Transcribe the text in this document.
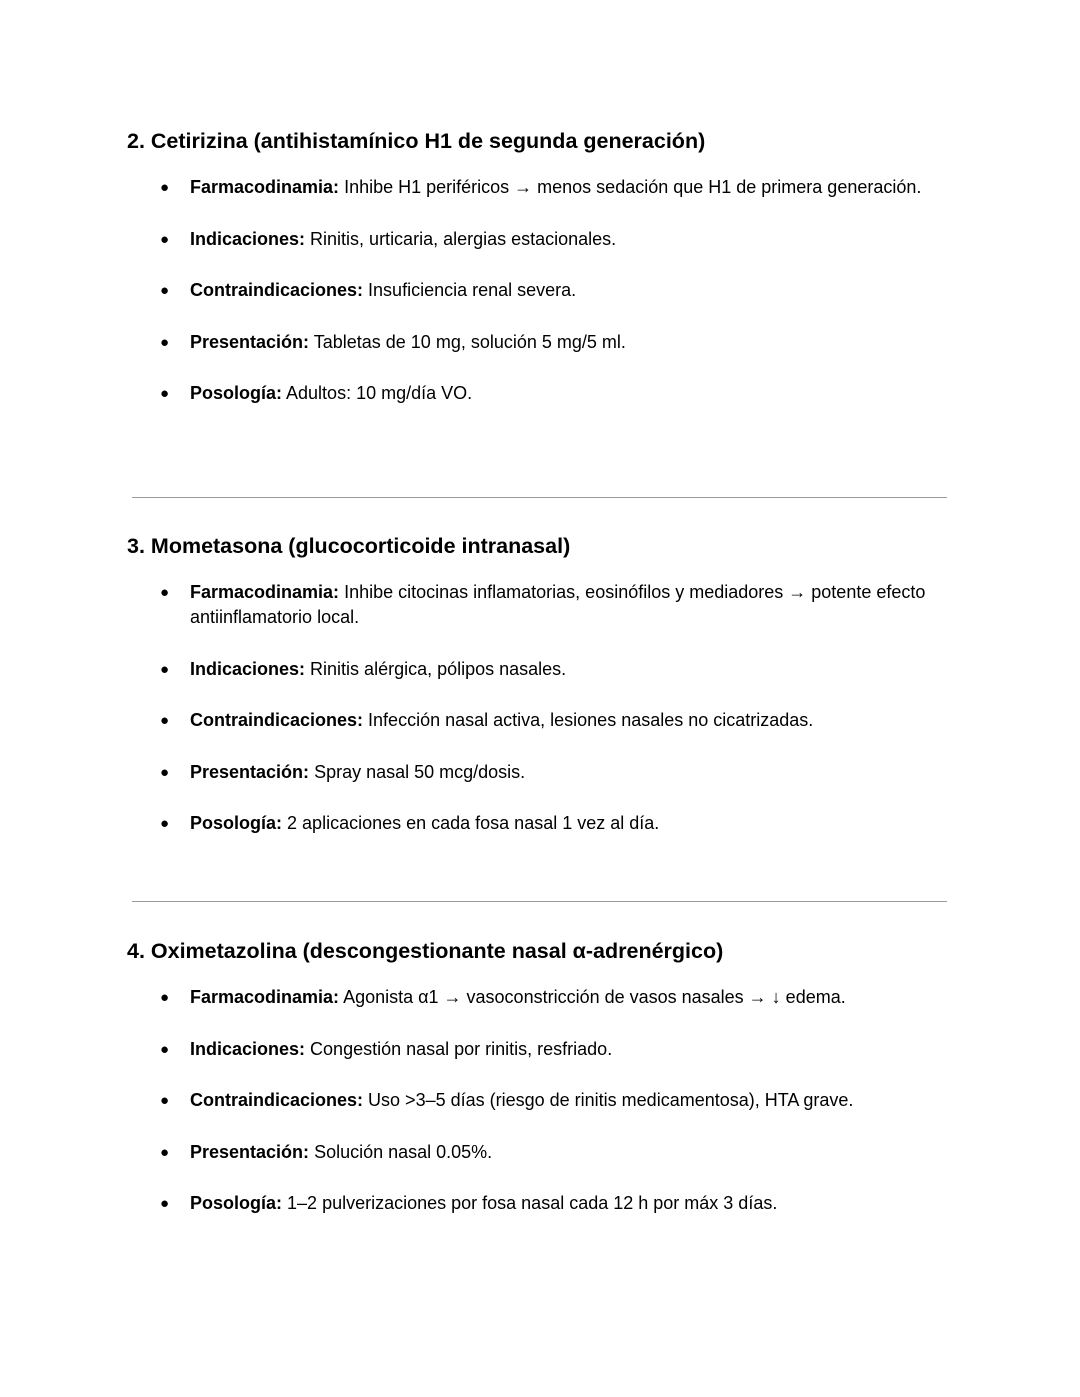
2. Cetirizina (antihistamínico H1 de segunda generación)
● Farmacodinamia: Inhibe H1 periféricos → menos sedación que H1 de primera generación.
● Indicaciones: Rinitis, urticaria, alergias estacionales.
● Contraindicaciones: Insuficiencia renal severa.
● Presentación: Tabletas de 10 mg, solución 5 mg/5 ml.
● Posología: Adultos: 10 mg/día VO.
3. Mometasona (glucocorticoide intranasal)
● Farmacodinamia: Inhibe citocinas inflamatorias, eosinófilos y mediadores → potente efecto antiinflamatorio local.
● Indicaciones: Rinitis alérgica, pólipos nasales.
● Contraindicaciones: Infección nasal activa, lesiones nasales no cicatrizadas.
● Presentación: Spray nasal 50 mcg/dosis.
● Posología: 2 aplicaciones en cada fosa nasal 1 vez al día.
4. Oximetazolina (descongestionante nasal α-adrenérgico)
● Farmacodinamia: Agonista α1 → vasoconstricción de vasos nasales → ↓ edema.
● Indicaciones: Congestión nasal por rinitis, resfriado.
● Contraindicaciones: Uso >3–5 días (riesgo de rinitis medicamentosa), HTA grave.
● Presentación: Solución nasal 0.05%.
● Posología: 1–2 pulverizaciones por fosa nasal cada 12 h por máx 3 días.
